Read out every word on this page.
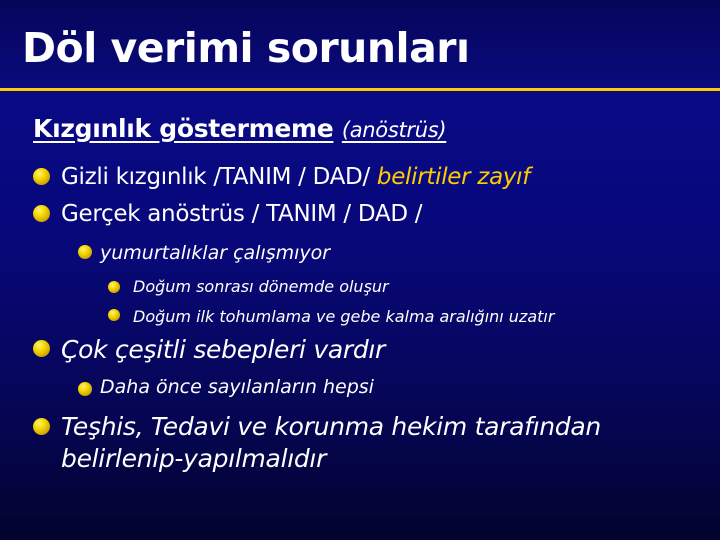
Döl verimi sorunları

Kızgınlık göstermeme (anöstrüs)

Gizli kızgınlık /TANIM / DAD/ belirtiler zayıf

Gerçek anöstrüs / TANIM / DAD /

yumurtalıklar çalışmıyor

Doğum sonrası dönemde oluşur

Doğum ilk tohumlama ve gebe kalma aralığını uzatır

Çok çeşitli sebepleri vardır

Daha önce sayılanların hepsi

Teşhis, Tedavi ve korunma hekim tarafından

belirlenip-yapılmalıdır
